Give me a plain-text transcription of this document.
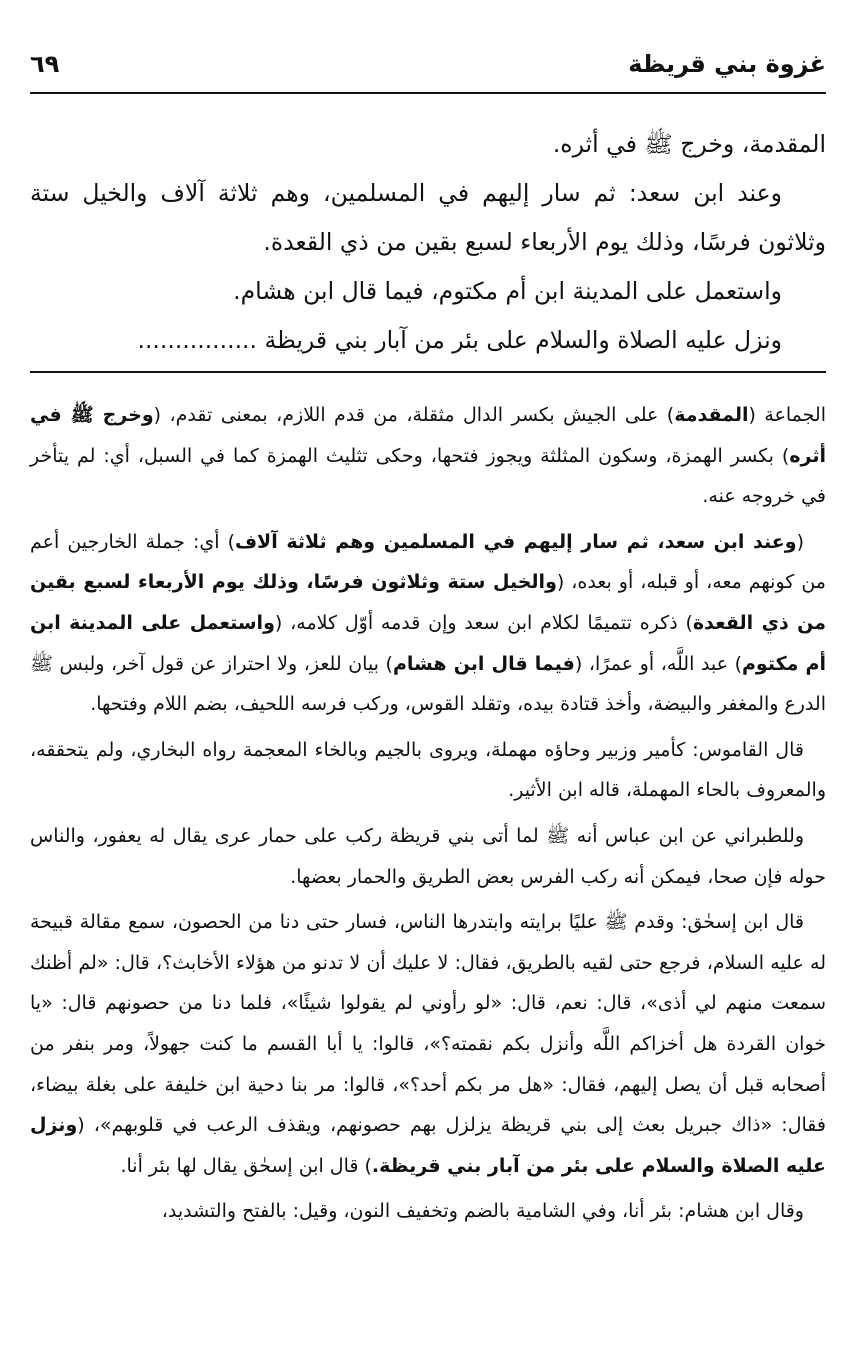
غزوة بني قريظة
٦٩

المقدمة، وخرج ﷺ في أثره.

وعند ابن سعد: ثم سار إليهم في المسلمين، وهم ثلاثة آلاف والخيل ستة وثلاثون فرسًا، وذلك يوم الأربعاء لسبع بقين من ذي القعدة.

واستعمل على المدينة ابن أم مكتوم، فيما قال ابن هشام.

ونزل عليه الصلاة والسلام على بئر من آبار بني قريظة ................

الجماعة (المقدمة) على الجيش بكسر الدال مثقلة، من قدم اللازم، بمعنى تقدم، (وخرج ﷺ في أثره) بكسر الهمزة، وسكون المثلثة ويجوز فتحها، وحكى تثليث الهمزة كما في السبل، أي: لم يتأخر في خروجه عنه.

(وعند ابن سعد، ثم سار إليهم في المسلمين وهم ثلاثة آلاف) أي: جملة الخارجين أعم من كونهم معه، أو قبله، أو بعده، (والخيل ستة وثلاثون فرسًا، وذلك يوم الأربعاء لسبع بقين من ذي القعدة) ذكره تتميمًا لكلام ابن سعد وإن قدمه أوّل كلامه، (واستعمل على المدينة ابن أم مكتوم) عبد اللَّه، أو عمرًا، (فيما قال ابن هشام) بيان للعز، ولا احتراز عن قول آخر، ولبس ﷺ الدرع والمغفر والبيضة، وأخذ قتادة بيده، وتقلد القوس، وركب فرسه اللحيف، بضم اللام وفتحها.

قال القاموس: كأمير وزبير وحاؤه مهملة، ويروى بالجيم وبالخاء المعجمة رواه البخاري، ولم يتحققه، والمعروف بالحاء المهملة، قاله ابن الأثير.

وللطبراني عن ابن عباس أنه ﷺ لما أتى بني قريظة ركب على حمار عرى يقال له يعفور، والناس حوله فإن صحا، فيمكن أنه ركب الفرس بعض الطريق والحمار بعضها.

قال ابن إسحٰق: وقدم ﷺ عليًا برايته وابتدرها الناس، فسار حتى دنا من الحصون، سمع مقالة قبيحة له عليه السلام، فرجع حتى لقيه بالطريق، فقال: لا عليك أن لا تدنو من هؤلاء الأخابث؟، قال: «لم أظنك سمعت منهم لي أذى»، قال: نعم، قال: «لو رأوني لم يقولوا شيئًا»، فلما دنا من حصونهم قال: «يا خوان القردة هل أخزاكم اللَّه وأنزل بكم نقمته؟»، قالوا: يا أبا القسم ما كنت جهولاً، ومر بنفر من أصحابه قبل أن يصل إليهم، فقال: «هل مر بكم أحد؟»، قالوا: مر بنا دحية ابن خليفة على بغلة بيضاء، فقال: «ذاك جبريل بعث إلى بني قريظة يزلزل بهم حصونهم، ويقذف الرعب في قلوبهم»، (ونزل عليه الصلاة والسلام على بئر من آبار بني قريظة.) قال ابن إسحٰق يقال لها بئر أنا.

وقال ابن هشام: بئر أنا، وفي الشامية بالضم وتخفيف النون، وقيل: بالفتح والتشديد،
